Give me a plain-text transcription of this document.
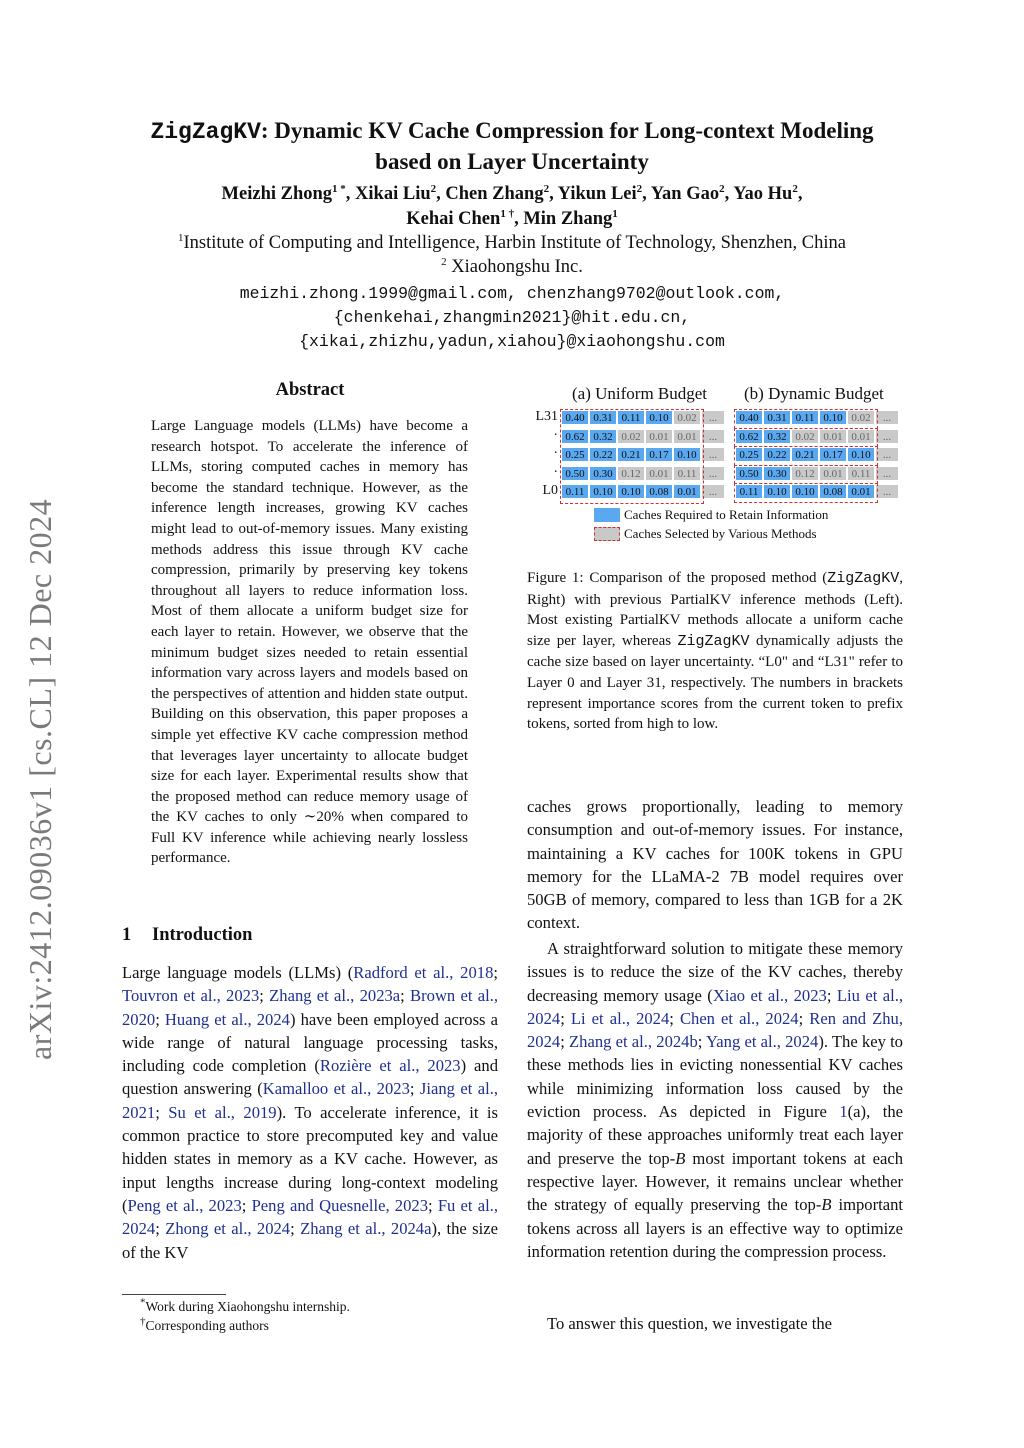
arXiv:2412.09036v1 [cs.CL] 12 Dec 2024
ZigZagKV: Dynamic KV Cache Compression for Long-context Modeling
based on Layer Uncertainty
Meizhi Zhong$^{1 *}$, Xikai Liu$^2$, Chen Zhang$^2$, Yikun Lei$^2$, Yan Gao$^2$, Yao Hu$^2$,
Kehai Chen$^{1 \dagger}$, Min Zhang$^1$
$^1$Institute of Computing and Intelligence, Harbin Institute of Technology, Shenzhen, China
$^2$ Xiaohongshu Inc.
meizhi.zhong.1999@gmail.com, chenzhang9702@outlook.com,
{chenkehai,zhangmin2021}@hit.edu.cn,
{xikai,zhizhu,yadun,xiahou}@xiaohongshu.com
Abstract
Large Language models (LLMs) have become a research hotspot. To accelerate the inference of LLMs, storing computed caches in memory has become the standard technique. However, as the inference length increases, growing KV caches might lead to out-of-memory issues. Many existing methods address this issue through KV cache compression, primarily by preserving key tokens throughout all layers to reduce information loss. Most of them allocate a uniform budget size for each layer to retain. However, we observe that the minimum budget sizes needed to retain essential information vary across layers and models based on the perspectives of attention and hidden state output. Building on this observation, this paper proposes a simple yet effective KV cache compression method that leverages layer uncertainty to allocate budget size for each layer. Experimental results show that the proposed method can reduce memory usage of the KV caches to only ∼20% when compared to Full KV inference while achieving nearly lossless performance.
1 Introduction
Large language models (LLMs) (Radford et al., 2018; Touvron et al., 2023; Zhang et al., 2023a; Brown et al., 2020; Huang et al., 2024) have been employed across a wide range of natural language processing tasks, including code completion (Rozière et al., 2023) and question answering (Kamalloo et al., 2023; Jiang et al., 2021; Su et al., 2019). To accelerate inference, it is common practice to store precomputed key and value hidden states in memory as a KV cache. However, as input lengths increase during long-context modeling (Peng et al., 2023; Peng and Quesnelle, 2023; Fu et al., 2024; Zhong et al., 2024; Zhang et al., 2024a), the size of the KV
*Work during Xiaohongshu internship.
†Corresponding authors
(a) Uniform Budget (b) Dynamic Budget
L31
·
·
·
L0
0.40 0.31 0.11 0.10 0.02	...
0.62 0.32 0.02 0.01 0.01	...
0.25 0.22 0.21 0.17 0.10	...
0.50 0.30 0.12 0.01 0.11	...
0.11 0.10 0.10 0.08 0.01	...
0.40 0.31 0.11 0.10 0.02	...
0.62 0.32 0.02 0.01 0.01	...
0.25 0.22 0.21 0.17 0.10	...
0.50 0.30 0.12 0.01 0.11	...
0.11 0.10 0.10 0.08 0.01	...
Caches Required to Retain Information
Caches Selected by Various Methods
Figure 1: Comparison of the proposed method (ZigZagKV, Right) with previous PartialKV inference methods (Left). Most existing PartialKV methods allocate a uniform cache size per layer, whereas ZigZagKV dynamically adjusts the cache size based on layer uncertainty. “L0" and “L31" refer to Layer 0 and Layer 31, respectively. The numbers in brackets represent importance scores from the current token to prefix tokens, sorted from high to low.
caches grows proportionally, leading to memory consumption and out-of-memory issues. For instance, maintaining a KV caches for 100K tokens in GPU memory for the LLaMA-2 7B model requires over 50GB of memory, compared to less than 1GB for a 2K context.
A straightforward solution to mitigate these memory issues is to reduce the size of the KV caches, thereby decreasing memory usage (Xiao et al., 2023; Liu et al., 2024; Li et al., 2024; Chen et al., 2024; Ren and Zhu, 2024; Zhang et al., 2024b; Yang et al., 2024). The key to these methods lies in evicting nonessential KV caches while minimizing information loss caused by the eviction process. As depicted in Figure 1(a), the majority of these approaches uniformly treat each layer and preserve the top-B most important tokens at each respective layer. However, it remains unclear whether the strategy of equally preserving the top-B important tokens across all layers is an effective way to optimize information retention during the compression process.
To answer this question, we investigate the
